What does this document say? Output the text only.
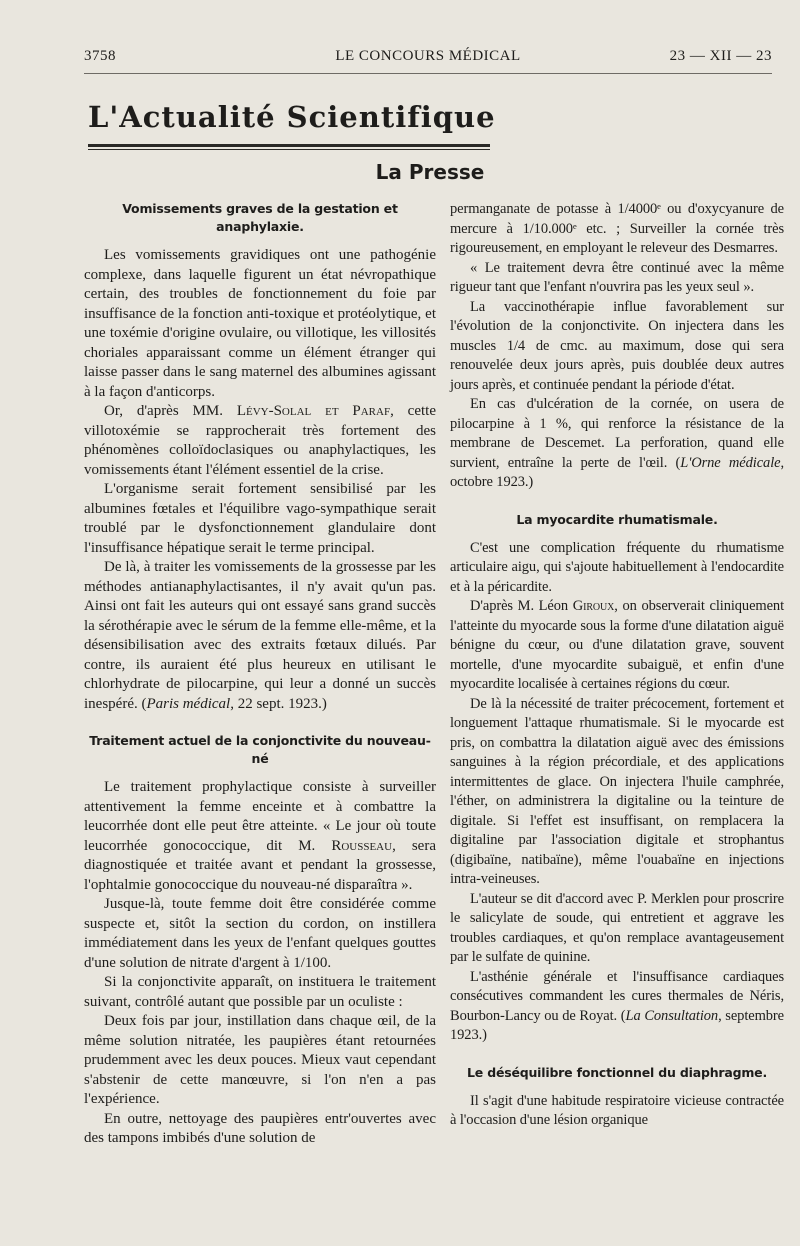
3758	LE CONCOURS MÉDICAL	23 — XII — 23
L'Actualité Scientifique
La Presse
Vomissements graves de la gestation et anaphylaxie.

Les vomissements gravidiques ont une pathogénie complexe, dans laquelle figurent un état névropathique certain, des troubles de fonctionnement du foie par insuffisance de la fonction anti-toxique et protéolytique, et une toxémie d'origine ovulaire, ou villotique, les villosités choriales apparaissant comme un élément étranger qui laisse passer dans le sang maternel des albumines agissant à la façon d'anticorps.

Or, d'après MM. Lévy-Solal et Paraf, cette villotoxémie se rapprocherait très fortement des phénomènes colloïdoclasiques ou anaphylactiques, les vomissements étant l'élément essentiel de la crise.

L'organisme serait fortement sensibilisé par les albumines fœtales et l'équilibre vago-sympathique serait troublé par le dysfonctionnement glandulaire dont l'insuffisance hépatique serait le terme principal.

De là, à traiter les vomissements de la grossesse par les méthodes antianaphylactisantes, il n'y avait qu'un pas. Ainsi ont fait les auteurs qui ont essayé sans grand succès la sérothérapie avec le sérum de la femme elle-même, et la désensibilisation avec des extraits fœtaux dilués. Par contre, ils auraient été plus heureux en utilisant le chlorhydrate de pilocarpine, qui leur a donné un succès inespéré. (Paris médical, 22 sept. 1923.)

Traitement actuel de la conjonctivite du nouveau-né

Le traitement prophylactique consiste à surveiller attentivement la femme enceinte et à combattre la leucorrhée dont elle peut être atteinte. « Le jour où toute leucorrhée gonococcique, dit M. Rousseau, sera diagnostiquée et traitée avant et pendant la grossesse, l'ophtalmie gonococcique du nouveau-né disparaîtra ».

Jusque-là, toute femme doit être considérée comme suspecte et, sitôt la section du cordon, on instillera immédiatement dans les yeux de l'enfant quelques gouttes d'une solution de nitrate d'argent à 1/100.

Si la conjonctivite apparaît, on instituera le traitement suivant, contrôlé autant que possible par un oculiste :

Deux fois par jour, instillation dans chaque œil, de la même solution nitratée, les paupières étant retournées prudemment avec les deux pouces. Mieux vaut cependant s'abstenir de cette manœuvre, si l'on n'en a pas l'expérience.

En outre, nettoyage des paupières entr'ouvertes avec des tampons imbibés d'une solution de

permanganate de potasse à 1/4000ᵉ ou d'oxycyanure de mercure à 1/10.000ᵉ etc. ; Surveiller la cornée très rigoureusement, en employant le releveur des Desmarres.

« Le traitement devra être continué avec la même rigueur tant que l'enfant n'ouvrira pas les yeux seul ».

La vaccinothérapie influe favorablement sur l'évolution de la conjonctivite. On injectera dans les muscles 1/4 de cmc. au maximum, dose qui sera renouvelée deux jours après, puis doublée deux autres jours après, et continuée pendant la période d'état.

En cas d'ulcération de la cornée, on usera de pilocarpine à 1 %, qui renforce la résistance de la membrane de Descemet. La perforation, quand elle survient, entraîne la perte de l'œil. (L'Orne médicale, octobre 1923.)

La myocardite rhumatismale.

C'est une complication fréquente du rhumatisme articulaire aigu, qui s'ajoute habituellement à l'endocardite et à la péricardite.

D'après M. Léon Giroux, on observerait cliniquement l'atteinte du myocarde sous la forme d'une dilatation aiguë bénigne du cœur, ou d'une dilatation grave, souvent mortelle, d'une myocardite subaiguë, et enfin d'une myocardite localisée à certaines régions du cœur.

De là la nécessité de traiter précocement, fortement et longuement l'attaque rhumatismale. Si le myocarde est pris, on combattra la dilatation aiguë avec des émissions sanguines à la région précordiale, et des applications intermittentes de glace. On injectera l'huile camphrée, l'éther, on administrera la digitaline ou la teinture de digitale. Si l'effet est insuffisant, on remplacera la digitaline par l'association digitale et strophantus (digibaïne, natibaïne), même l'ouabaïne en injections intra-veineuses.

L'auteur se dit d'accord avec P. Merklen pour proscrire le salicylate de soude, qui entretient et aggrave les troubles cardiaques, et qu'on remplace avantageusement par le sulfate de quinine.

L'asthénie générale et l'insuffisance cardiaques consécutives commandent les cures thermales de Néris, Bourbon-Lancy ou de Royat. (La Consultation, septembre 1923.)

Le déséquilibre fonctionnel du diaphragme.

Il s'agit d'une habitude respiratoire vicieuse contractée à l'occasion d'une lésion organique
